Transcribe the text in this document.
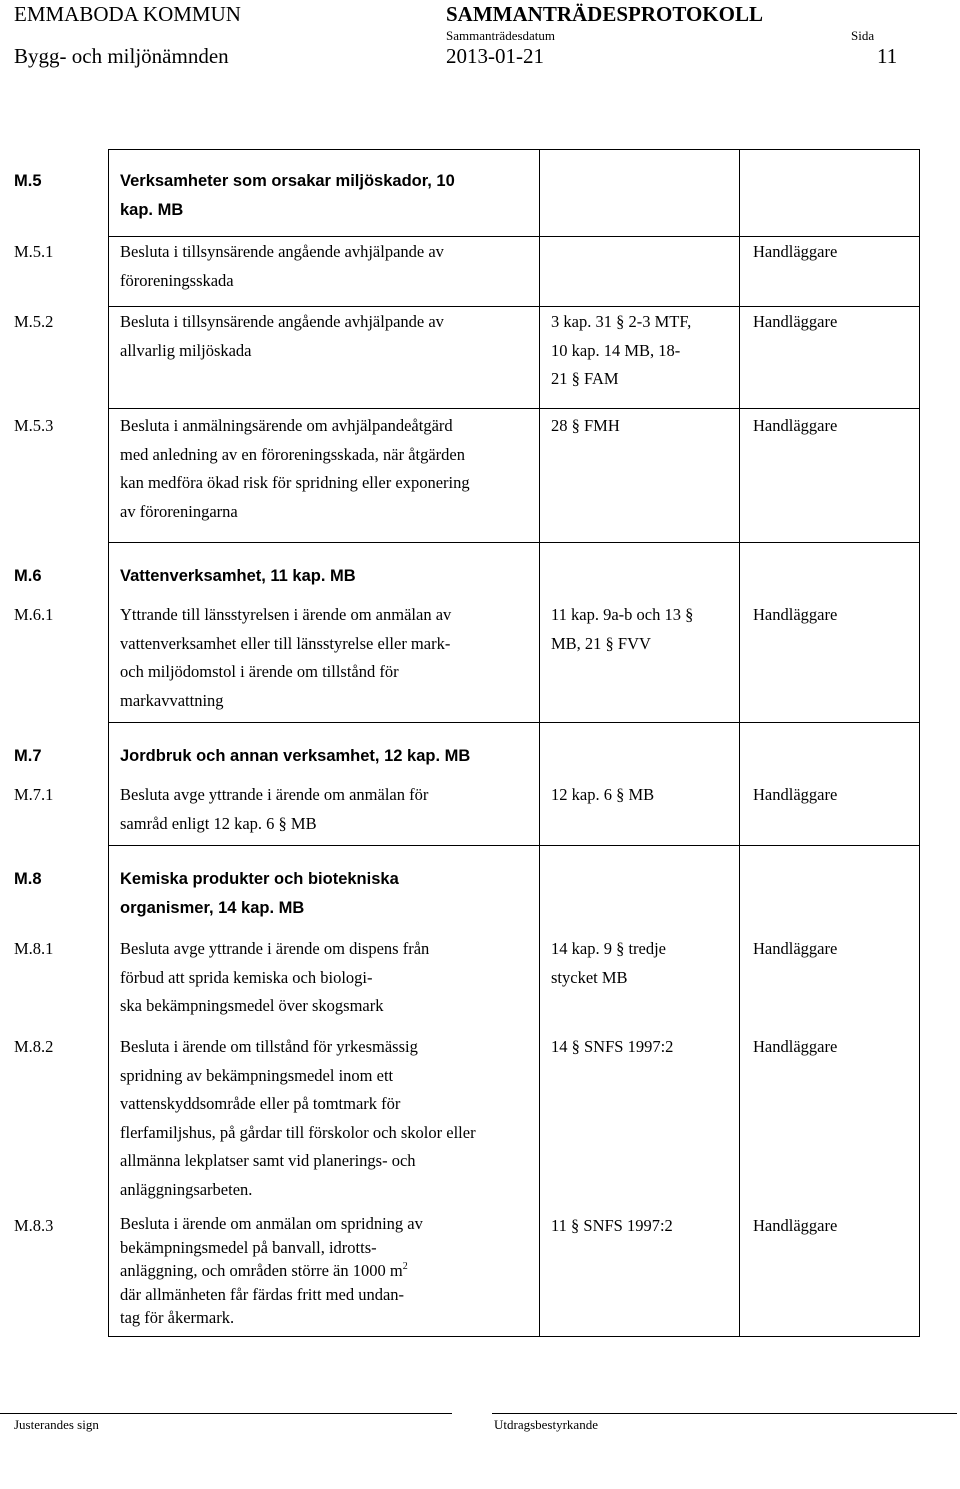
EMMABODA KOMMUN
Bygg- och miljönämnden
SAMMANTRÄDESPROTOKOLL
Sammanträdesdatum
2013-01-21
Sida
11
M.5	Verksamheter som orsakar miljöskador, 10
kap. MB
M.5.1	Besluta i tillsynsärende angående avhjälpande av
föroreningsskada
Handläggare
M.5.2	Besluta i tillsynsärende angående avhjälpande av
allvarlig miljöskada
3 kap. 31 § 2-3 MTF,
10 kap. 14 MB, 18-
21 § FAM
Handläggare
M.5.3	Besluta i anmälningsärende om avhjälpandeåtgärd
med anledning av en föroreningsskada, när åtgärden
kan medföra ökad risk för spridning eller exponering
av föroreningarna
28 § FMH	Handläggare
M.6	Vattenverksamhet, 11 kap. MB
M.6.1	Yttrande till länsstyrelsen i ärende om anmälan av
vattenverksamhet eller till länsstyrelse eller mark-
och miljödomstol i ärende om tillstånd för
markavvattning
11 kap. 9a-b och 13 §
MB, 21 § FVV
Handläggare
M.7	Jordbruk och annan verksamhet, 12 kap. MB
M.7.1	Besluta avge yttrande i ärende om anmälan för
samråd enligt 12 kap. 6 § MB
12 kap. 6 § MB	Handläggare
M.8	Kemiska produkter och biotekniska
organismer, 14 kap. MB
M.8.1	Besluta avge yttrande i ärende om dispens från
förbud att sprida kemiska och biologi-
ska bekämpningsmedel över skogsmark
14 kap. 9 § tredje
stycket MB
Handläggare
M.8.2	Besluta i ärende om tillstånd för yrkesmässig
spridning av bekämpningsmedel inom ett
vattenskyddsområde eller på tomtmark för
flerfamiljshus, på gårdar till förskolor och skolor eller
allmänna lekplatser samt vid planerings- och
anläggningsarbeten.
14 § SNFS 1997:2	Handläggare
M.8.3	Besluta i ärende om anmälan om spridning av
bekämpningsmedel på banvall, idrotts-
anläggning, och områden större än 1000 $m^2$
där allmänheten får färdas fritt med undan-
tag för åkermark.
11 § SNFS 1997:2	Handläggare
Justerandes sign	Utdragsbestyrkande
